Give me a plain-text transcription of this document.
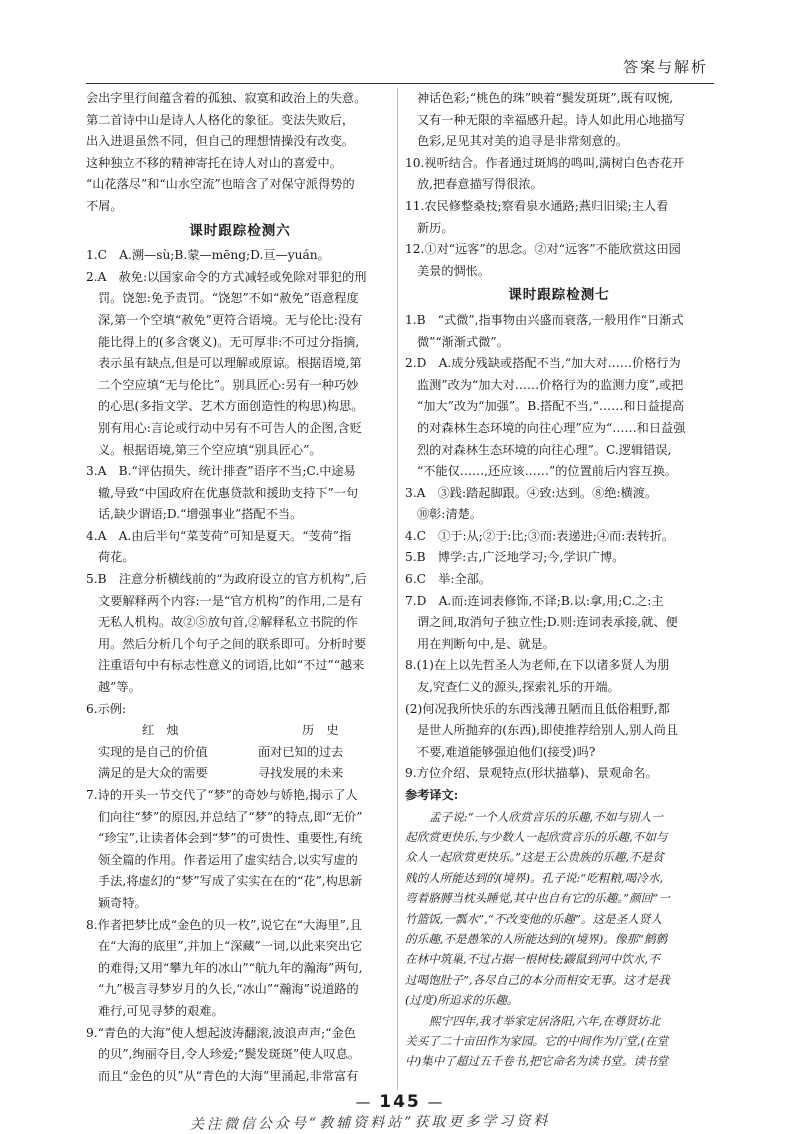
答案与解析

会出字里行间蕴含着的孤独、寂寞和政治上的失意。

第二首诗中山是诗人人格化的象征。变法失败后，

出入进退虽然不同，但自己的理想情操没有改变。

这种独立不移的精神寄托在诗人对山的喜爱中。

“山花落尽”和“山水空流”也暗含了对保守派得势的

不屑。

课时跟踪检测六

1.C　A.溯—sù;B.蒙—mēng;D.亘—yuán。

2.A　赦免:以国家命令的方式减轻或免除对罪犯的刑

罚。饶恕:免予责罚。“饶恕”不如“赦免”语意程度

深,第一个空填“赦免”更符合语境。无与伦比:没有

能比得上的(多含褒义)。无可厚非:不可过分指摘,

表示虽有缺点,但是可以理解或原谅。根据语境,第

二个空应填“无与伦比”。别具匠心:另有一种巧妙

的心思(多指文学、艺术方面创造性的构思)构思。

别有用心:言论或行动中另有不可告人的企图,含贬

义。根据语境,第三个空应填“别具匠心”。

3.A　B.“评估损失、统计排查”语序不当;C.中途易

辙,导致“中国政府在优惠贷款和援助支持下”一句

话,缺少谓语;D.“增强事业”搭配不当。

4.A　A.由后半句“菜芰荷”可知是夏天。“芰荷”指

荷花。

5.B　注意分析横线前的“为政府设立的官方机构”,后

文要解释两个内容:一是“官方机构”的作用,二是有

无私人机构。故②⑤放句首,②解释私立书院的作

用。然后分析几个句子之间的联系即可。分析时要

注重语句中有标志性意义的词语,比如“不过”“越来

越”等。

6.示例:

红　烛	历　史
实现的是自己的价值	面对已知的过去
满足的是大众的需要	寻找发展的未来

7.诗的开头一节交代了“梦”的奇妙与娇艳,揭示了人

们向往“梦”的原因,并总结了“梦”的特点,即“无价”

“珍宝”,让读者体会到“梦”的可贵性、重要性,有统

领全篇的作用。作者运用了虚实结合,以实写虚的

手法,将虚幻的“梦”写成了实实在在的“花”,构思新

颖奇特。

8.作者把梦比成“金色的贝一枚”,说它在“大海里”,且

在“大海的底里”,并加上“深藏”一词,以此来突出它

的难得;又用“攀九年的冰山”“航九年的瀚海”两句,

“九”极言寻梦岁月的久长,“冰山”“瀚海”说道路的

难行,可见寻梦的艰难。

9.“青色的大海”使人想起波涛翻滚,波浪声声;“金色

的贝”,绚丽夺目,令人珍爱;“鬓发斑斑”使人叹息。

而且“金色的贝”从“青色的大海”里涌起,非常富有

神话色彩;“桃色的珠”映着“鬓发斑斑”,既有叹惋,

又有一种无限的幸福感升起。诗人如此用心地描写

色彩,足见其对美的追寻是非常刻意的。

10.视听结合。作者通过斑鸠的鸣叫,满树白色杏花开

放,把春意描写得很浓。

11.农民修整桑枝;察看泉水通路;燕归旧梁;主人看

新历。

12.①对“远客”的思念。②对“远客”不能欣赏这田园

美景的惆怅。

课时跟踪检测七

1.B　“式微”,指事物由兴盛而衰落,一般用作“日渐式

微”“渐渐式微”。

2.D　A.成分残缺或搭配不当,“加大对……价格行为

监测”改为“加大对……价格行为的监测力度”,或把

“加大”改为“加强”。B.搭配不当,“……和日益提高

的对森林生态环境的向往心理”应为“……和日益强

烈的对森林生态环境的向往心理”。C.逻辑错误,

“不能仅……,还应该……”的位置前后内容互换。

3.A　③践:踏起脚跟。④致:达到。⑧绝:横渡。

⑩彰:清楚。

4.C　①于:从;②于:比;③而:表递进;④而:表转折。

5.B　博学:古,广泛地学习;今,学识广博。

6.C　举:全部。

7.D　A.而:连词表修饰,不译;B.以:拿,用;C.之:主

谓之间,取消句子独立性;D.则:连词表承接,就、便

用在判断句中,是、就是。

8.(1)在上以先哲圣人为老师,在下以诸多贤人为朋

友,究查仁义的源头,探索礼乐的开端。

(2)何况我所快乐的东西浅薄丑陋而且低俗粗野,都

是世人所抛弃的(东西),即使推荐给别人,别人尚且

不要,难道能够强迫他们(接受)吗?

9.方位介绍、景观特点(形状描摹)、景观命名。

参考译文:

孟子说:“一个人欣赏音乐的乐趣,不如与别人一

起欣赏更快乐,与少数人一起欣赏音乐的乐趣,不如与

众人一起欣赏更快乐。”这是王公贵族的乐趣,不是贫

贱的人所能达到的(境界)。孔子说:“吃粗粮,喝冷水,

弯着胳膊当枕头睡觉,其中也自有它的乐趣。”颜回“一

竹篮饭,一瓢水”,“不改变他的乐趣”。这是圣人贤人

的乐趣,不是愚笨的人所能达到的(境界)。像那“鹪鹩

在林中筑巢,不过占据一根树枝;鼹鼠到河中饮水,不

过喝饱肚子”,各尽自己的本分而相安无事。这才是我

(过度)所追求的乐趣。

熙宁四年,我才举家定居洛阳,六年,在尊贤坊北

关买了二十亩田作为家园。它的中间作为厅堂,(在堂

中)集中了超过五千卷书,把它命名为读书堂。读书堂

— 145 —
关注微信公众号“教辅资料站”获取更多学习资料
